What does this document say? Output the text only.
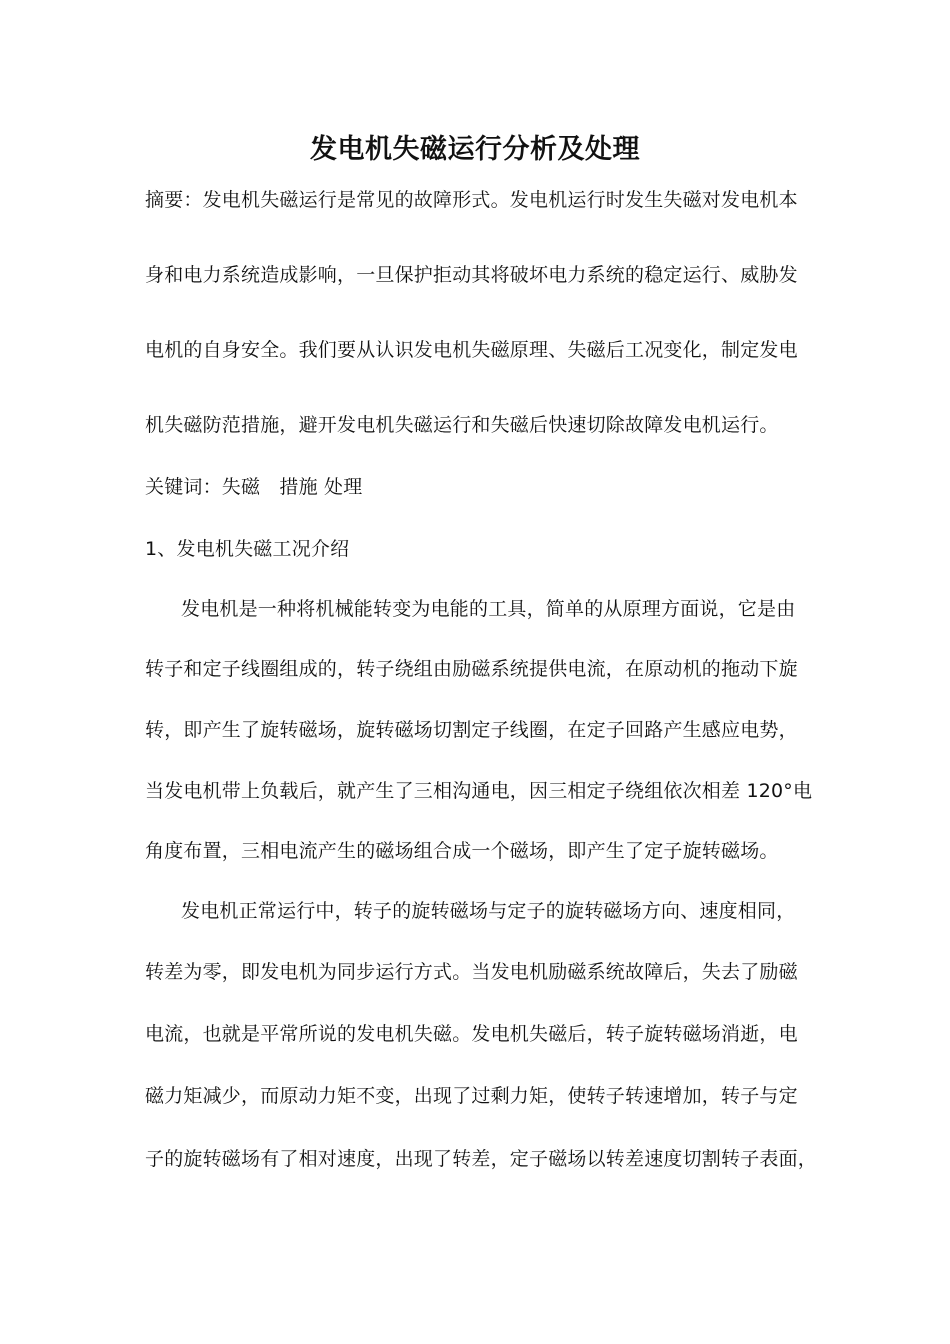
发电机失磁运行分析及处理
摘要：发电机失磁运行是常见的故障形式。发电机运行时发生失磁对发电机本
身和电力系统造成影响，一旦保护拒动其将破坏电力系统的稳定运行、威胁发
电机的自身安全。我们要从认识发电机失磁原理、失磁后工况变化，制定发电
机失磁防范措施，避开发电机失磁运行和失磁后快速切除故障发电机运行。
关键词：失磁　措施 处理
1、发电机失磁工况介绍
发电机是一种将机械能转变为电能的工具，简单的从原理方面说，它是由
转子和定子线圈组成的，转子绕组由励磁系统提供电流，在原动机的拖动下旋
转，即产生了旋转磁场，旋转磁场切割定子线圈，在定子回路产生感应电势，
当发电机带上负载后，就产生了三相沟通电，因三相定子绕组依次相差 120°电
角度布置，三相电流产生的磁场组合成一个磁场，即产生了定子旋转磁场。
发电机正常运行中，转子的旋转磁场与定子的旋转磁场方向、速度相同，
转差为零，即发电机为同步运行方式。当发电机励磁系统故障后，失去了励磁
电流，也就是平常所说的发电机失磁。发电机失磁后，转子旋转磁场消逝，电
磁力矩减少，而原动力矩不变，出现了过剩力矩，使转子转速增加，转子与定
子的旋转磁场有了相对速度，出现了转差，定子磁场以转差速度切割转子表面，
